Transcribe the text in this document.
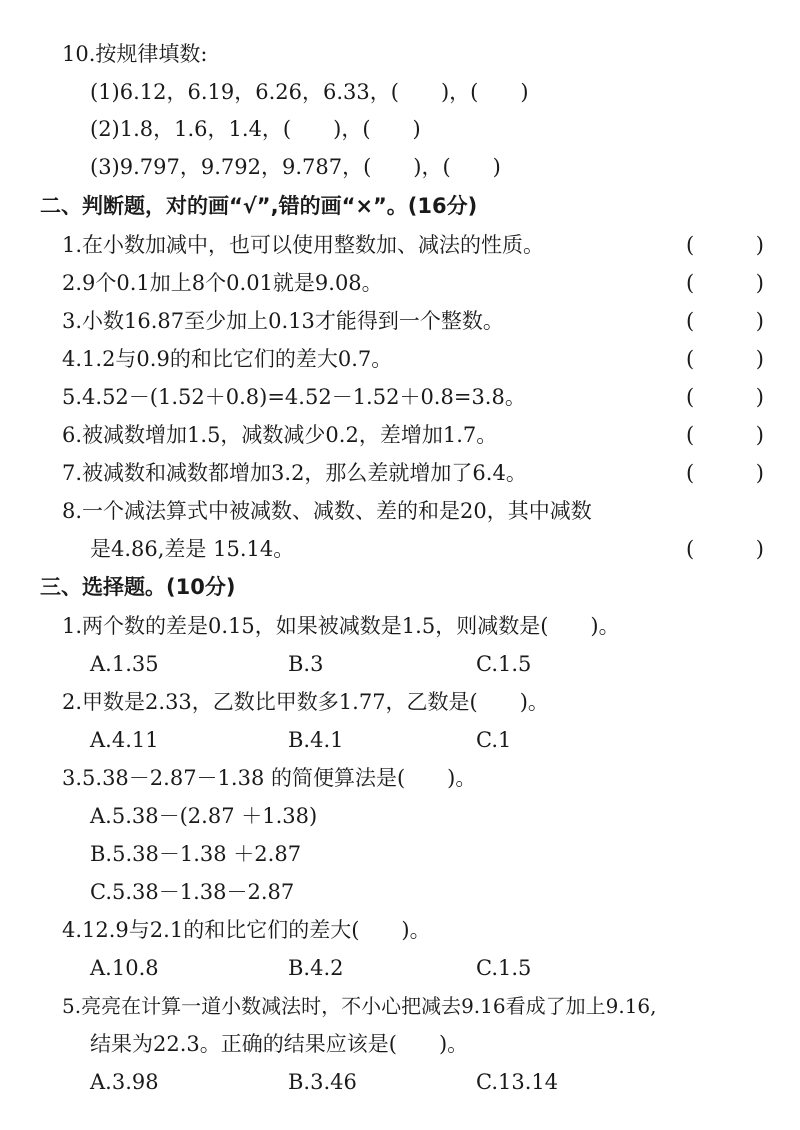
10.按规律填数:
(1)6.12，6.19，6.26，6.33，(　　)，(　　)
(2)1.8，1.6，1.4，(　　)，(　　)
(3)9.797，9.792，9.787，(　　)，(　　)
二、判断题，对的画“√”,错的画“×”。(16分)
1.在小数加减中，也可以使用整数加、减法的性质。	(	)
2.9个0.1加上8个0.01就是9.08。	(	)
3.小数16.87至少加上0.13才能得到一个整数。	(	)
4.1.2与0.9的和比它们的差大0.7。	(	)
5.4.52－(1.52＋0.8)=4.52－1.52＋0.8=3.8。	(	)
6.被减数增加1.5，减数减少0.2，差增加1.7。	(	)
7.被减数和减数都增加3.2，那么差就增加了6.4。	(	)
8.一个减法算式中被减数、减数、差的和是20，其中减数
是4.86,差是 15.14。	(	)
三、选择题。(10分)
1.两个数的差是0.15，如果被减数是1.5，则减数是(　　)。
A.1.35	B.3	C.1.5
2.甲数是2.33，乙数比甲数多1.77，乙数是(　　)。
A.4.11	B.4.1	C.1
3.5.38－2.87－1.38 的简便算法是(　　)。
A.5.38－(2.87 ＋1.38)
B.5.38－1.38 ＋2.87
C.5.38－1.38－2.87
4.12.9与2.1的和比它们的差大(　　)。
A.10.8	B.4.2	C.1.5
5.亮亮在计算一道小数减法时，不小心把减去9.16看成了加上9.16,
结果为22.3。正确的结果应该是(　　)。
A.3.98	B.3.46	C.13.14
